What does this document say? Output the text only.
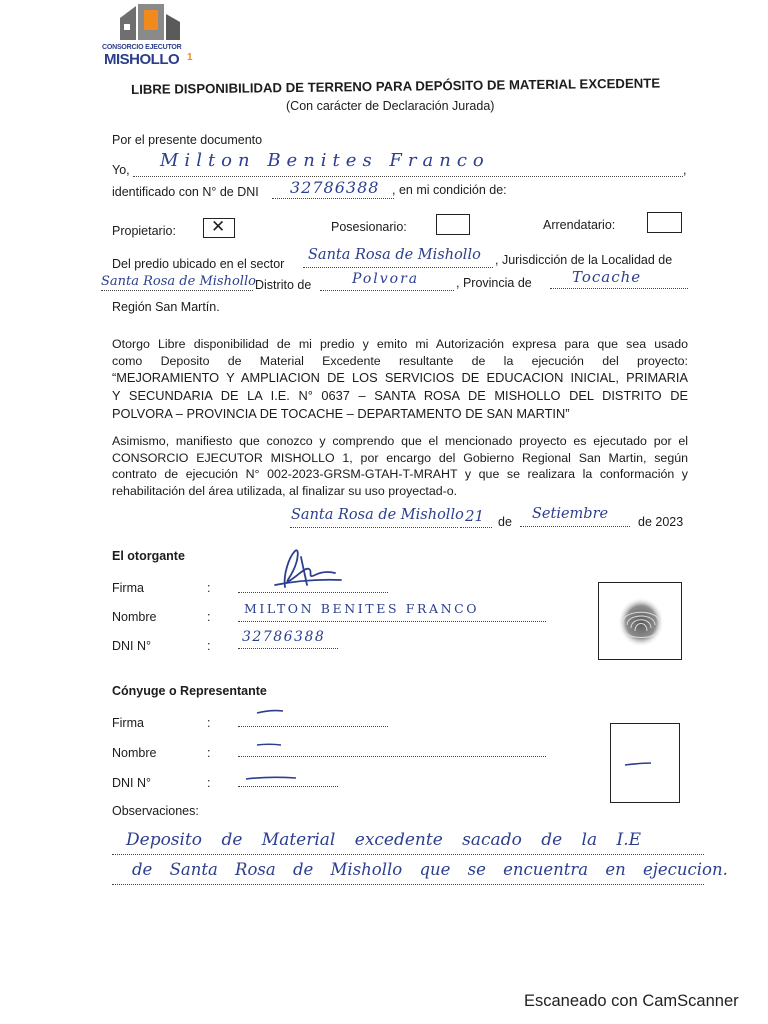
CONSORCIO EJECUTOR
MISHOLLO 1
LIBRE DISPONIBILIDAD DE TERRENO PARA DEPÓSITO DE MATERIAL EXCEDENTE
(Con carácter de Declaración Jurada)
Por el presente documento
Yo,	,
Milton Benites Franco
identificado con N° de DNI 32786388 , en mi condición de:
Propietario: ✕	Posesionario:	Arrendatario:
Del predio ubicado en el sector
Santa Rosa de Mishollo , Jurisdicción de la Localidad de
Santa Rosa de Mishollo Distrito de	Polvora	, Provincia de	Tocache
Región San Martín.
Otorgo Libre disponibilidad de mi predio y emito mi Autorización expresa para que sea usado
como Deposito de Material Excedente resultante de la ejecución del proyecto:
“MEJORAMIENTO Y AMPLIACION DE LOS SERVICIOS DE EDUCACION INICIAL, PRIMARIA
Y SECUNDARIA DE LA I.E. N° 0637 – SANTA ROSA DE MISHOLLO DEL DISTRITO DE
POLVORA – PROVINCIA DE TOCACHE – DEPARTAMENTO DE SAN MARTIN”
Asimismo, manifiesto que conozco y comprendo que el mencionado proyecto es ejecutado por el
CONSORCIO EJECUTOR MISHOLLO 1, por encargo del Gobierno Regional San Martin, según
contrato de ejecución N° 002-2023-GRSM-GTAH-T-MRAHT y que se realizara la conformación y
rehabilitación del área utilizada, al finalizar su uso proyectad-o.
Santa Rosa de Mishollo 21 de Setiembre de 2023
El otorgante
Firma	:
Nombre	:
MILTON BENITES FRANCO
DNI N°	:
32786388
Cónyuge o Representante
Firma	:
Nombre	:
DNI N°	:
Observaciones:
Deposito de Material excedente sacado de la I.E
de Santa Rosa de Mishollo que se encuentra en ejecucion.
Escaneado con CamScanner
